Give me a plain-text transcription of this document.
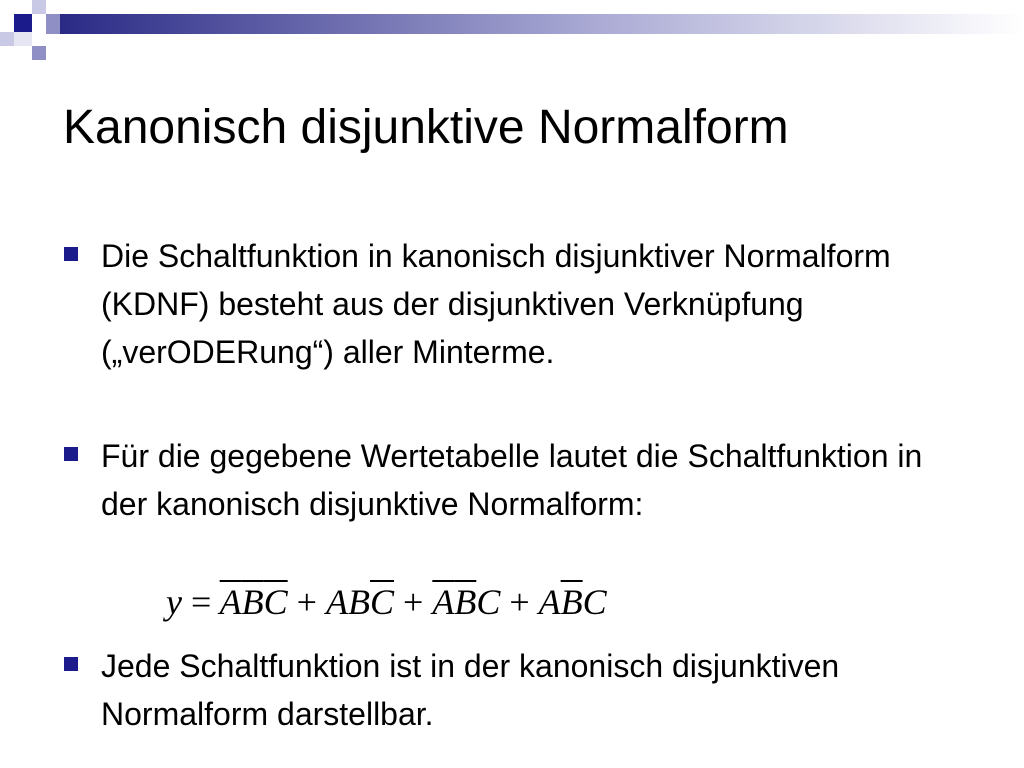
Kanonisch disjunktive Normalform
Die Schaltfunktion in kanonisch disjunktiver Normalform (KDNF) besteht aus der disjunktiven Verknüpfung („verODERung“) aller Minterme.
Für die gegebene Wertetabelle lautet die Schaltfunktion in der kanonisch disjunktive Normalform:
Jede Schaltfunktion ist in der kanonisch disjunktiven Normalform darstellbar.
$y = \overline{A}\overline{B}\overline{C} + AB\overline{C} + \overline{A}\overline{B}C + A\overline{B}C$
